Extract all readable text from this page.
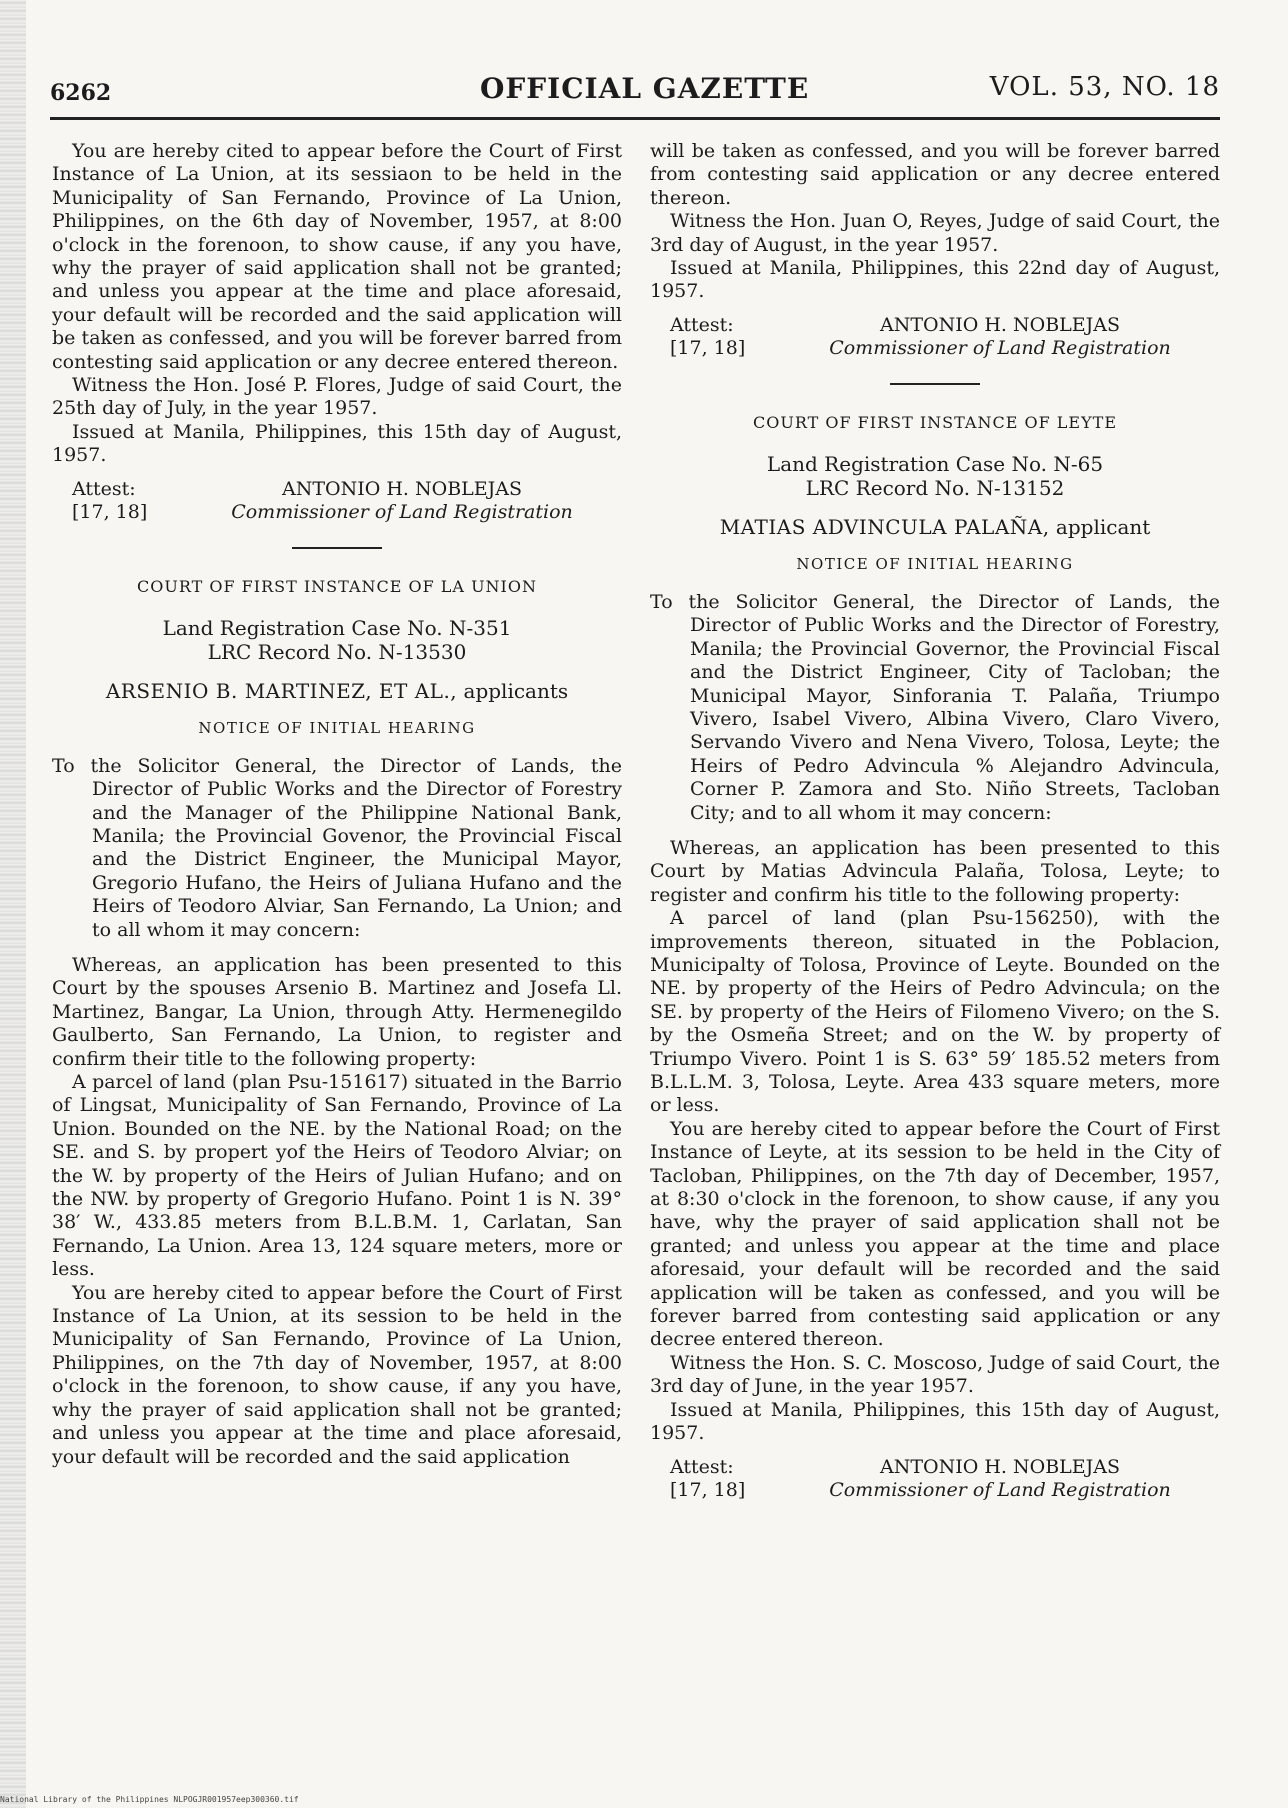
6262	OFFICIAL GAZETTE	VOL. 53, NO. 18

You are hereby cited to appear before the Court of First Instance of La Union, at its sessiaon to be held in the Municipality of San Fernando, Province of La Union, Philippines, on the 6th day of November, 1957, at 8:00 o'clock in the forenoon, to show cause, if any you have, why the prayer of said application shall not be granted; and unless you appear at the time and place aforesaid, your default will be recorded and the said application will be taken as confessed, and you will be forever barred from contesting said application or any decree entered thereon.

Witness the Hon. José P. Flores, Judge of said Court, the 25th day of July, in the year 1957.

Issued at Manila, Philippines, this 15th day of August, 1957.

Attest:	ANTONIO H. NOBLEJAS
[17, 18]	Commissioner of Land Registration
COURT OF FIRST INSTANCE OF LA UNION
Land Registration Case No. N-351
LRC Record No. N-13530
ARSENIO B. MARTINEZ, ET AL., applicants
NOTICE OF INITIAL HEARING

To the Solicitor General, the Director of Lands, the Director of Public Works and the Director of Forestry and the Manager of the Philippine National Bank, Manila; the Provincial Govenor, the Provincial Fiscal and the District Engineer, the Municipal Mayor, Gregorio Hufano, the Heirs of Juliana Hufano and the Heirs of Teodoro Alviar, San Fernando, La Union; and to all whom it may concern:

Whereas, an application has been presented to this Court by the spouses Arsenio B. Martinez and Josefa Ll. Martinez, Bangar, La Union, through Atty. Hermenegildo Gaulberto, San Fernando, La Union, to register and confirm their title to the following property:

A parcel of land (plan Psu-151617) situated in the Barrio of Lingsat, Municipality of San Fernando, Province of La Union. Bounded on the NE. by the National Road; on the SE. and S. by propert yof the Heirs of Teodoro Alviar; on the W. by property of the Heirs of Julian Hufano; and on the NW. by property of Gregorio Hufano. Point 1 is N. 39° 38′ W., 433.85 meters from B.L.B.M. 1, Carlatan, San Fernando, La Union. Area 13, 124 square meters, more or less.

You are hereby cited to appear before the Court of First Instance of La Union, at its session to be held in the Municipality of San Fernando, Province of La Union, Philippines, on the 7th day of November, 1957, at 8:00 o'clock in the forenoon, to show cause, if any you have, why the prayer of said application shall not be granted; and unless you appear at the time and place aforesaid, your default will be recorded and the said application

will be taken as confessed, and you will be forever barred from contesting said application or any decree entered thereon.

Witness the Hon. Juan O, Reyes, Judge of said Court, the 3rd day of August, in the year 1957.

Issued at Manila, Philippines, this 22nd day of August, 1957.

Attest:	ANTONIO H. NOBLEJAS
[17, 18]	Commissioner of Land Registration
COURT OF FIRST INSTANCE OF LEYTE
Land Registration Case No. N-65
LRC Record No. N-13152
MATIAS ADVINCULA PALAÑA, applicant
NOTICE OF INITIAL HEARING

To the Solicitor General, the Director of Lands, the Director of Public Works and the Director of Forestry, Manila; the Provincial Governor, the Provincial Fiscal and the District Engineer, City of Tacloban; the Municipal Mayor, Sinforania T. Palaña, Triumpo Vivero, Isabel Vivero, Albina Vivero, Claro Vivero, Servando Vivero and Nena Vivero, Tolosa, Leyte; the Heirs of Pedro Advincula % Alejandro Advincula, Corner P. Zamora and Sto. Niño Streets, Tacloban City; and to all whom it may concern:

Whereas, an application has been presented to this Court by Matias Advincula Palaña, Tolosa, Leyte; to register and confirm his title to the following property:

A parcel of land (plan Psu-156250), with the improvements thereon, situated in the Poblacion, Municipalty of Tolosa, Province of Leyte. Bounded on the NE. by property of the Heirs of Pedro Advincula; on the SE. by property of the Heirs of Filomeno Vivero; on the S. by the Osmeña Street; and on the W. by property of Triumpo Vivero. Point 1 is S. 63° 59′ 185.52 meters from B.L.L.M. 3, Tolosa, Leyte. Area 433 square meters, more or less.

You are hereby cited to appear before the Court of First Instance of Leyte, at its session to be held in the City of Tacloban, Philippines, on the 7th day of December, 1957, at 8:30 o'clock in the forenoon, to show cause, if any you have, why the prayer of said application shall not be granted; and unless you appear at the time and place aforesaid, your default will be recorded and the said application will be taken as confessed, and you will be forever barred from contesting said application or any decree entered thereon.

Witness the Hon. S. C. Moscoso, Judge of said Court, the 3rd day of June, in the year 1957.

Issued at Manila, Philippines, this 15th day of August, 1957.

Attest:	ANTONIO H. NOBLEJAS
[17, 18]	Commissioner of Land Registration
National Library of the Philippines NLPOGJR001957eep300360.tif
